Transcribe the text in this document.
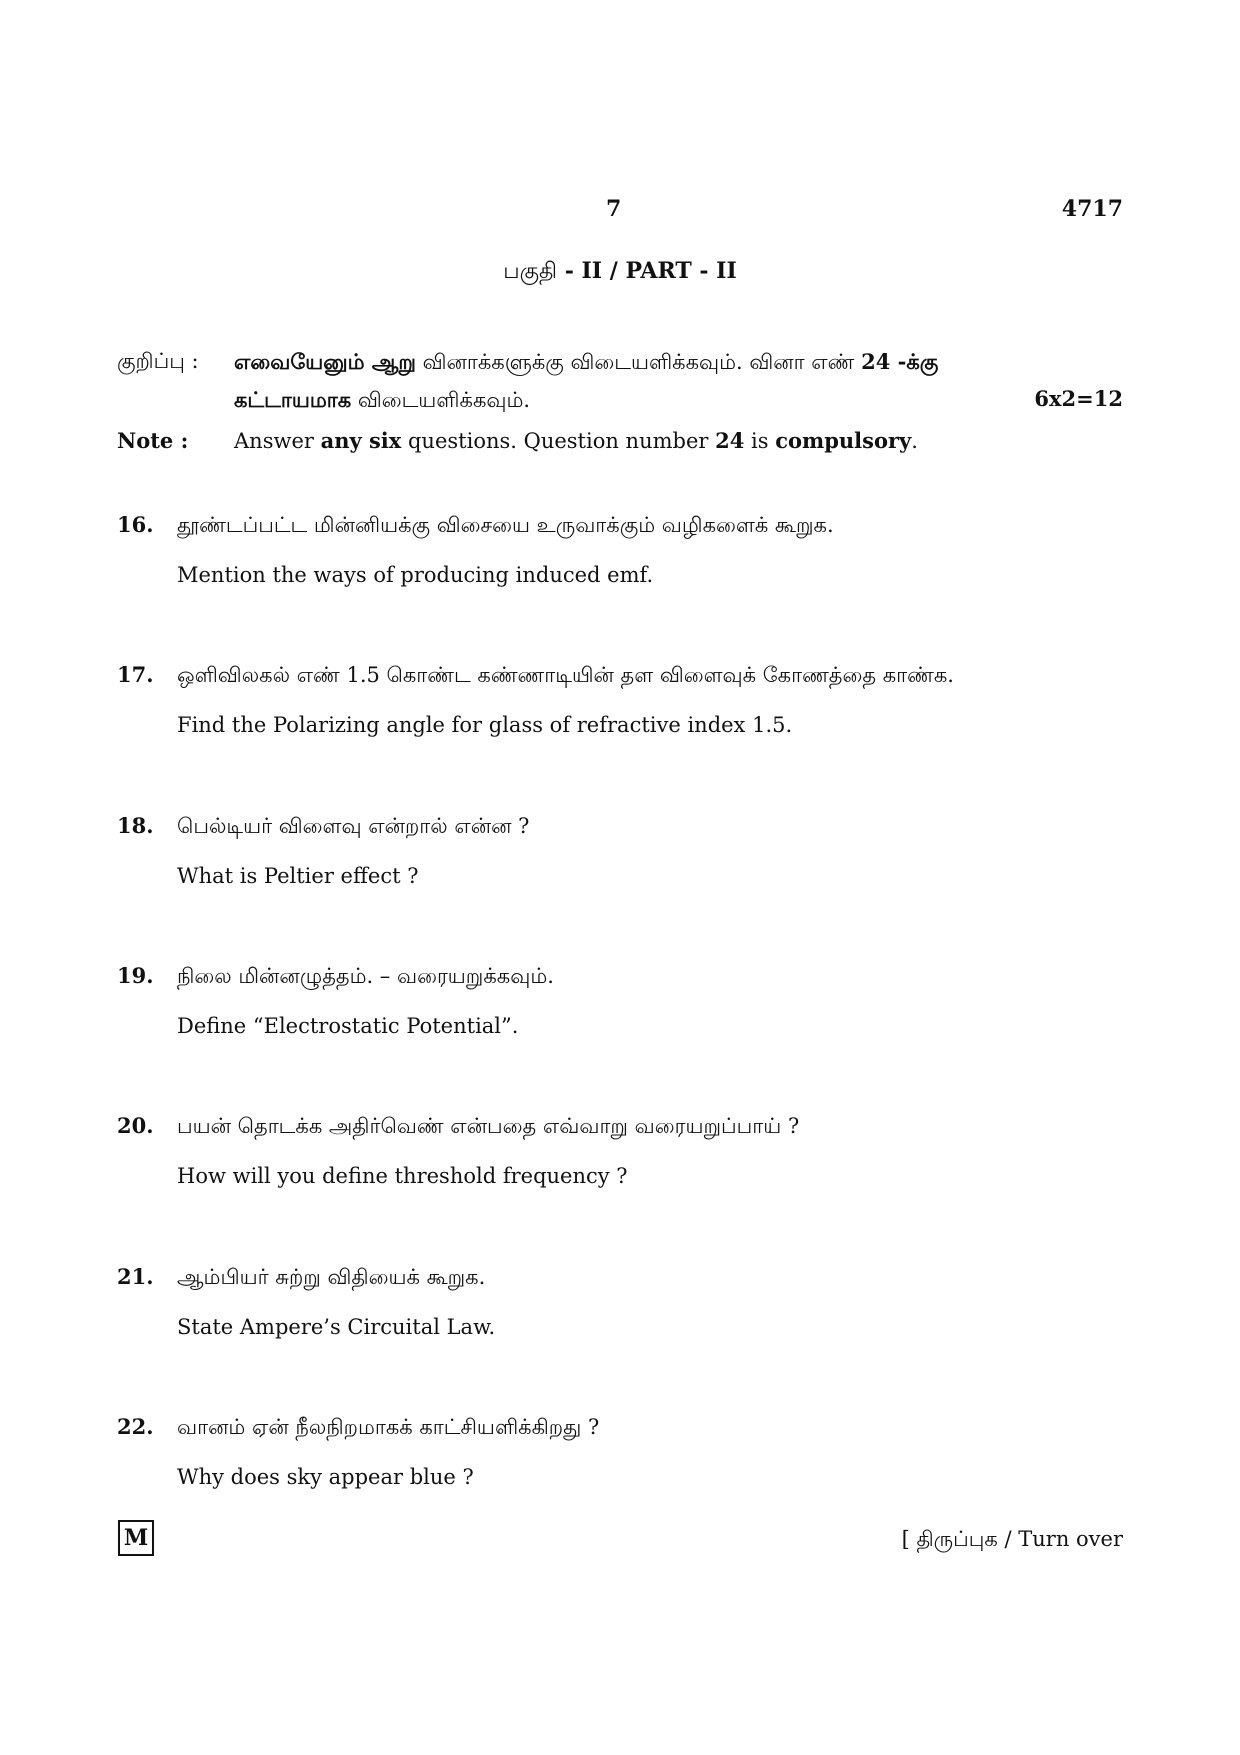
7	4717
பகுதி - II / PART - II
குறிப்பு : எவையேனும் ஆறு வினாக்களுக்கு விடையளிக்கவும். வினா எண் 24 -க்கு
கட்டாயமாக விடையளிக்கவும்.	6x2=12
Note : Answer any six questions. Question number 24 is compulsory.
16. தூண்டப்பட்ட மின்னியக்கு விசையை உருவாக்கும் வழிகளைக் கூறுக.
Mention the ways of producing induced emf.
17. ஒளிவிலகல் எண் 1.5 கொண்ட கண்ணாடியின் தள விளைவுக் கோணத்தை காண்க.
Find the Polarizing angle for glass of refractive index 1.5.
18. பெல்டியர் விளைவு என்றால் என்ன ?
What is Peltier effect ?
19. நிலை மின்னழுத்தம். – வரையறுக்கவும்.
Define “Electrostatic Potential”.
20. பயன் தொடக்க அதிர்வெண் என்பதை எவ்வாறு வரையறுப்பாய் ?
How will you define threshold frequency ?
21. ஆம்பியர் சுற்று விதியைக் கூறுக.
State Ampere’s Circuital Law.
22. வானம் ஏன் நீலநிறமாகக் காட்சியளிக்கிறது ?
Why does sky appear blue ?
M	[ திருப்புக / Turn over
